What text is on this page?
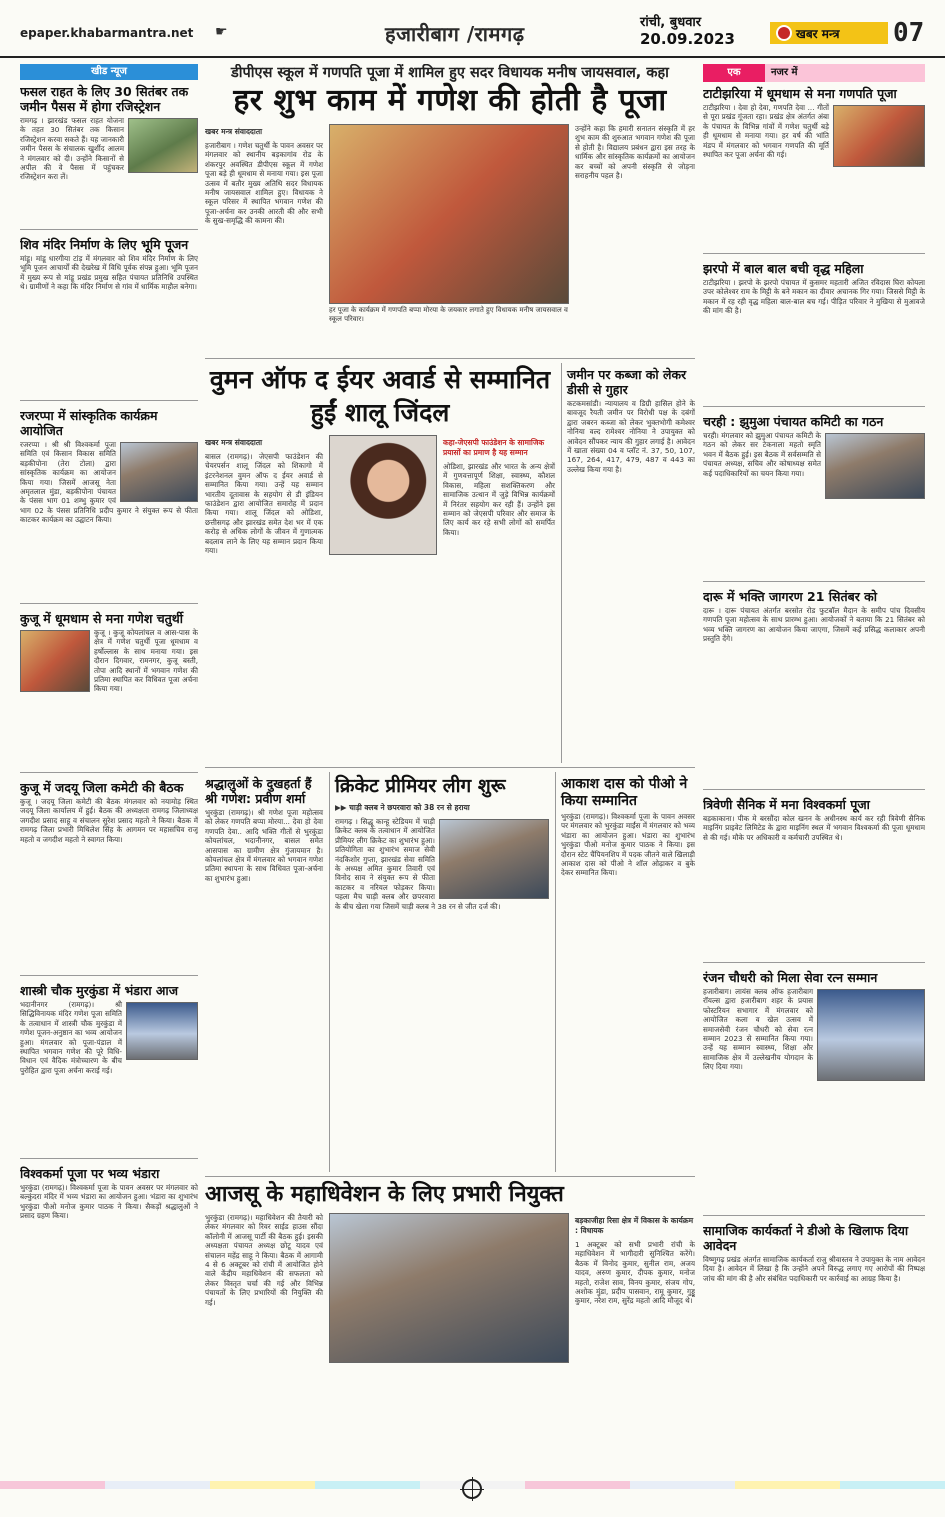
epaper.khabarmantra.net ☛	हजारीबाग /रामगढ़	रांची, बुधवार
20.09.2023	खबर मन्त्र 07
खीड न्यूज
फसल राहत के लिए 30 सितंबर तक जमीन पैसस में होगा रजिस्ट्रेशन
रामगढ़ । झारखंड फसल राहत योजना के तहत 30 सितंबर तक किसान रजिस्ट्रेशन करवा सकते हैं। यह जानकारी जमीन पैसस के संचालक खुर्शीद आलम ने मंगलवार को दी। उन्होंने किसानों से अपील की वे पैसस में पहुंचकर रजिस्ट्रेशन करा लें।
शिव मंदिर निर्माण के लिए भूमि पूजन
मांडू। मांडू धारगीया टांड़ में मंगलवार को शिव मंदिर निर्माण के लिए भूमि पूजन आचार्यों की देखरेख में विधि पूर्वक संपन्न हुआ। भूमि पूजन में मुख्य रूप से मांडू प्रखंड प्रमुख सहित पंचायत प्रतिनिधि उपस्थित थे। ग्रामीणों ने कहा कि मंदिर निर्माण से गांव में धार्मिक माहौल बनेगा।
रजरप्पा में सांस्कृतिक कार्यक्रम आयोजित
रजरप्पा । श्री श्री विश्वकर्मा पूजा समिति एवं किसान विकास समिति बड़कीपोना (तेरा टोला) द्वारा सांस्कृतिक कार्यक्रम का आयोजन किया गया। जिसमें आजसू नेता अमृतलाल मुंडा, बड़कीपोना पंचायत के पंसस भाग 01 शम्भु कुमार एवं भाग 02 के पंसस प्रतिनिधि प्रदीप कुमार ने संयुक्त रूप से फीता काटकर कार्यक्रम का उद्घाटन किया।
कुजू में धूमधाम से मना गणेश चतुर्थी
कुजू । कुजू कोयलांचल व आस-पास के क्षेत्र में गणेश चतुर्थी पूजा धूमधाम व हर्षोल्लास के साथ मनाया गया। इस दौरान दिगवार, रामनगर, कुजू बस्ती, तोपा आदि स्थानों में भगवान गणेश की प्रतिमा स्थापित कर विधिवत पूजा अर्चना किया गया।
कुजू में जदयू जिला कमेटी की बैठक
कुजू । जदयू जिला कमेटी की बैठक मंगलवार को नयामोड़ स्थित जदयू जिला कार्यालय में हुई। बैठक की अध्यक्षता रामगढ़ जिलाध्यक्ष जगदीश प्रसाद साहू व संचालन सुरेश प्रसाद महतो ने किया। बैठक में रामगढ़ जिला प्रभारी मिथिलेश सिंह के आगमन पर महासचिव राजू महतो व जगदीश महतो ने स्वागत किया।
शास्त्री चौक मुरकुंडा में भंडारा आज
भदानीनगर (रामगढ़)। श्री सिद्धिविनायक मंदिर गणेश पूजा समिति के तत्वाधान में शास्त्री चौक मुरकुंडा में गणेश पूजन-अनुष्ठान का भव्य आयोजन हुआ। मंगलवार को पूजा-पंडाल में स्थापित भगवान गणेश की पूरे विधि-विधान एवं वैदिक मंत्रोच्चारण के बीच पुरोहित द्वारा पूजा अर्चना कराई गई।
विश्वकर्मा पूजा पर भव्य भंडारा
भुरकुंडा (रामगढ़)। विश्वकर्मा पूजा के पावन अवसर पर मंगलवार को बल्कुंदरा मंदिर में भव्य भंडारा का आयोजन हुआ। भंडारा का शुभारंभ भुरकुंडा पीओ मनोज कुमार पाठक ने किया। सैकड़ों श्रद्धालुओं ने प्रसाद ग्रहण किया।
डीपीएस स्कूल में गणपति पूजा में शामिल हुए सदर विधायक मनीष जायसवाल, कहा
हर शुभ काम में गणेश की होती है पूजा
खबर मन्त्र संवाददाता
हजारीबाग । गणेश चतुर्थी के पावन अवसर पर मंगलवार को स्थानीय बड़कागांव रोड के शंकरपुर अवस्थित डीपीएस स्कूल में गणेश पूजा बड़े ही धूमधाम से मनाया गया। इस पूजा उत्सव में बतौर मुख्य अतिथि सदर विधायक मनीष जायसवाल शामिल हुए। विधायक ने स्कूल परिसर में स्थापित भगवान गणेश की पूजा-अर्चना कर उनकी आरती की और सभी के सुख-समृद्धि की कामना की।
हर पूजा के कार्यक्रम में गणपति बप्पा मोरया के जयकार लगाते हुए विधायक मनीष जायसवाल व स्कूल परिवार।
उन्होंने कहा कि हमारी सनातन संस्कृति में हर शुभ काम की शुरुआत भगवान गणेश की पूजा से होती है। विद्यालय प्रबंधन द्वारा इस तरह के धार्मिक और सांस्कृतिक कार्यक्रमों का आयोजन कर बच्चों को अपनी संस्कृति से जोड़ना सराहनीय पहल है।
वुमन ऑफ द ईयर अवार्ड से सम्मानित हुईं शालू जिंदल
खबर मन्त्र संवाददाता
बासल (रामगढ़)। जेएसपी फाउंडेशन की चेयरपर्सन शालू जिंदल को शिकागो में इंटरनेशनल वुमन ऑफ द ईयर अवार्ड से सम्मानित किया गया। उन्हें यह सम्मान भारतीय दूतावास के सहयोग से डी इंडियन फाउंडेशन द्वारा आयोजित समारोह में प्रदान किया गया। शालू जिंदल को ओडिशा, छत्तीसगढ़ और झारखंड समेत देश भर में एक करोड़ से अधिक लोगों के जीवन में गुणात्मक बदलाव लाने के लिए यह सम्मान प्रदान किया गया।
कहा-जेएसपी फाउंडेशन के सामाजिक प्रयासों का प्रमाण है यह सम्मान
ओडिशा, झारखंड और भारत के अन्य क्षेत्रों में गुणवत्तापूर्ण शिक्षा, स्वास्थ्य, कौशल विकास, महिला सशक्तिकरण और सामाजिक उत्थान में जुड़े विभिन्न कार्यक्रमों में निरंतर सहयोग कर रही हैं। उन्होंने इस सम्मान को जेएसपी परिवार और समाज के लिए कार्य कर रहे सभी लोगों को समर्पित किया।
जमीन पर कब्जा को लेकर डीसी से गुहार
कटकमसांडी। न्यायालय व डिग्री हासिल होने के बावजूद रैयती जमीन पर विरोधी पक्ष के दबंगों द्वारा जबरन कब्जा को लेकर भुक्तभोगी कमेश्वर नोनिया वल्द रामेश्वर नोनिया ने उपायुक्त को आवेदन सौंपकर न्याय की गुहार लगाई है। आवेदन में खाता संख्या 04 व प्लॉट नं. 37, 50, 107, 167, 264, 417, 479, 487 व 443 का उल्लेख किया गया है।
श्रद्धालुओं के दुखहर्ता हैं श्री गणेश: प्रवीण शर्मा
भुरकुंडा (रामगढ़)। श्री गणेश पूजा महोत्सव को लेकर गणपति बप्पा मोरया... देवा हो देवा गणपति देवा.. आदि भक्ति गीतों से भुरकुंडा कोयलांचल, भदानीनगर, बासल समेत आसपास का ग्रामीण क्षेत्र गुंजायमान है। कोयलांचल क्षेत्र में मंगलवार को भगवान गणेश प्रतिमा स्थापना के साथ विधिवत पूजा-अर्चना का शुभारंभ हुआ।
क्रिकेट प्रीमियर लीग शुरू
▶▶ चाड़ी क्लब ने छपरवारा को 38 रन से हराया
रामगढ़ । सिद्धू कान्हू स्टेडियम में चाड़ी क्रिकेट क्लब के तत्वाधान में आयोजित प्रीमियर लीग क्रिकेट का शुभारंभ हुआ। प्रतियोगिता का शुभारंभ समाज सेवी नंदकिशोर गुप्ता, झारखंड सेवा समिति के अध्यक्ष अमित कुमार तिवारी एवं विनोद साव ने संयुक्त रूप से फीता काटकर व नरियल फोड़कर किया। पहला मैच चाड़ी क्लब और छपरवारा के बीच खेला गया जिसमें चाड़ी क्लब ने 38 रन से जीत दर्ज की।
आकाश दास को पीओ ने किया सम्मानित
भुरकुंडा (रामगढ़)। विश्वकर्मा पूजा के पावन अवसर पर मंगलवार को भुरकुंडा माईंस में मंगलवार को भव्य भंडारा का आयोजन हुआ। भंडारा का शुभारंभ भुरकुंडा पीओ मनोज कुमार पाठक ने किया। इस दौरान स्टेट चैंपियनशिप में पदक जीतने वाले खिलाड़ी आकाश दास को पीओ ने शॉल ओढ़ाकर व बुके देकर सम्मानित किया।
आजसू के महाधिवेशन के लिए प्रभारी नियुक्त
भुरकुंडा (रामगढ़)। महाधिवेशन की तैयारी को लेकर मंगलवार को रिवर साईड हाउस सौंदा कॉलोनी में आजसू पार्टी की बैठक हुई। इसकी अध्यक्षता पंचायत अध्यक्ष छोटू यादव एवं संचालन महेंद्र साहू ने किया। बैठक में आगामी 4 से 6 अक्टूबर को रांची में आयोजित होने वाले केंद्रीय महाधिवेशन की सफलता को लेकर विस्तृत चर्चा की गई और विभिन्न पंचायतों के लिए प्रभारियों की नियुक्ति की गई।
बड़काजीहा रिसा क्षेत्र में विकास के कार्यक्रम : विधायक
1 अक्टूबर को सभी प्रभारी रांची के महाधिवेशन में भागीदारी सुनिश्चित करेंगे। बैठक में विनोद कुमार, सुनील राम, अजय यादव, अरुण कुमार, दीपक कुमार, मनोज महतो, राजेश साव, विनय कुमार, संजय गोप, अशोक मुंडा, प्रदीप पासवान, रामू कुमार, गुड्डू कुमार, नरेश राम, सुरेंद्र महतो आदि मौजूद थे।
एक	नजर में
टाटीझरिया में धूमधाम से मना गणपति पूजा
टाटीझरिया । देवा हो देवा, गणपति देवा ... गीतों से पूरा प्रखंड गूंजता रहा। प्रखंड क्षेत्र अंतर्गत अंबा के पंचायत के विभिन्न गांवों में गणेश चतुर्थी बड़े ही धूमधाम से मनाया गया। हर वर्ष की भांति मंडप में मंगलवार को भगवान गणपति की मूर्ति स्थापित कर पूजा अर्चना की गई।
झरपो में बाल बाल बची वृद्ध महिला
टाटीझरिया । झरपो के झरपो पंचायत में कुसमर महतारी अजित रविदास घिरा कोयला उपर कोलेश्वर राम के मिट्टी के बने मकान का दीवार अचानक गिर गया। जिससे मिट्टी के मकान में रह रही वृद्ध महिला बाल-बाल बच गई। पीड़ित परिवार ने मुखिया से मुआवजे की मांग की है।
चरही : झुमुआ पंचायत कमिटी का गठन
चरही। मंगलवार को झुमुआ पंचायत कमिटी के गठन को लेकर सर टेकनाला महतो स्मृति भवन में बैठक हुई। इस बैठक में सर्वसम्मति से पंचायत अध्यक्ष, सचिव और कोषाध्यक्ष समेत कई पदाधिकारियों का चयन किया गया।
दारू में भक्ति जागरण 21 सितंबर को
दारू । दारू पंचायत अंतर्गत बरसोत रोड फुटबॉल मैदान के समीप पांच दिवसीय गणपति पूजा महोत्सव के साथ प्रारम्भ हुआ। आयोजकों ने बताया कि 21 सितंबर को भव्य भक्ति जागरण का आयोजन किया जाएगा, जिसमें कई प्रसिद्ध कलाकार अपनी प्रस्तुति देंगे।
त्रिवेणी सैनिक में मना विश्वकर्मा पूजा
बड़काकाना। पीक मे बरसौंदा कोल खनन के अधीनस्थ कार्य कर रही त्रिवेणी सैनिक माइनिंग प्राइवेट लिमिटेड के द्वारा माइनिंग स्थल में भगवान विश्वकर्मा की पूजा धूमधाम से की गई। मौके पर अधिकारी व कर्मचारी उपस्थित थे।
रंजन चौधरी को मिला सेवा रत्न सम्मान
हजारीबाग। लायंस क्लब ऑफ हजारीबाग रॉयल्स द्वारा हजारीबाग शहर के प्रयास फोस्टरियन सभागार में मंगलवार को आयोजित कला व खेल उत्सव में समाजसेवी रंजन चौधरी को सेवा रत्न सम्मान 2023 से सम्मानित किया गया। उन्हें यह सम्मान स्वास्थ्य, शिक्षा और सामाजिक क्षेत्र में उल्लेखनीय योगदान के लिए दिया गया।
सामाजिक कार्यकर्ता ने डीओ के खिलाफ दिया आवेदन
विष्णुगढ़ प्रखंड अंतर्गत सामाजिक कार्यकर्ता राजु श्रीवास्तव ने उपायुक्त के नाम आवेदन दिया है। आवेदन में लिखा है कि उन्होंने अपने विरुद्ध लगाए गए आरोपों की निष्पक्ष जांच की मांग की है और संबंधित पदाधिकारी पर कार्रवाई का आग्रह किया है।
